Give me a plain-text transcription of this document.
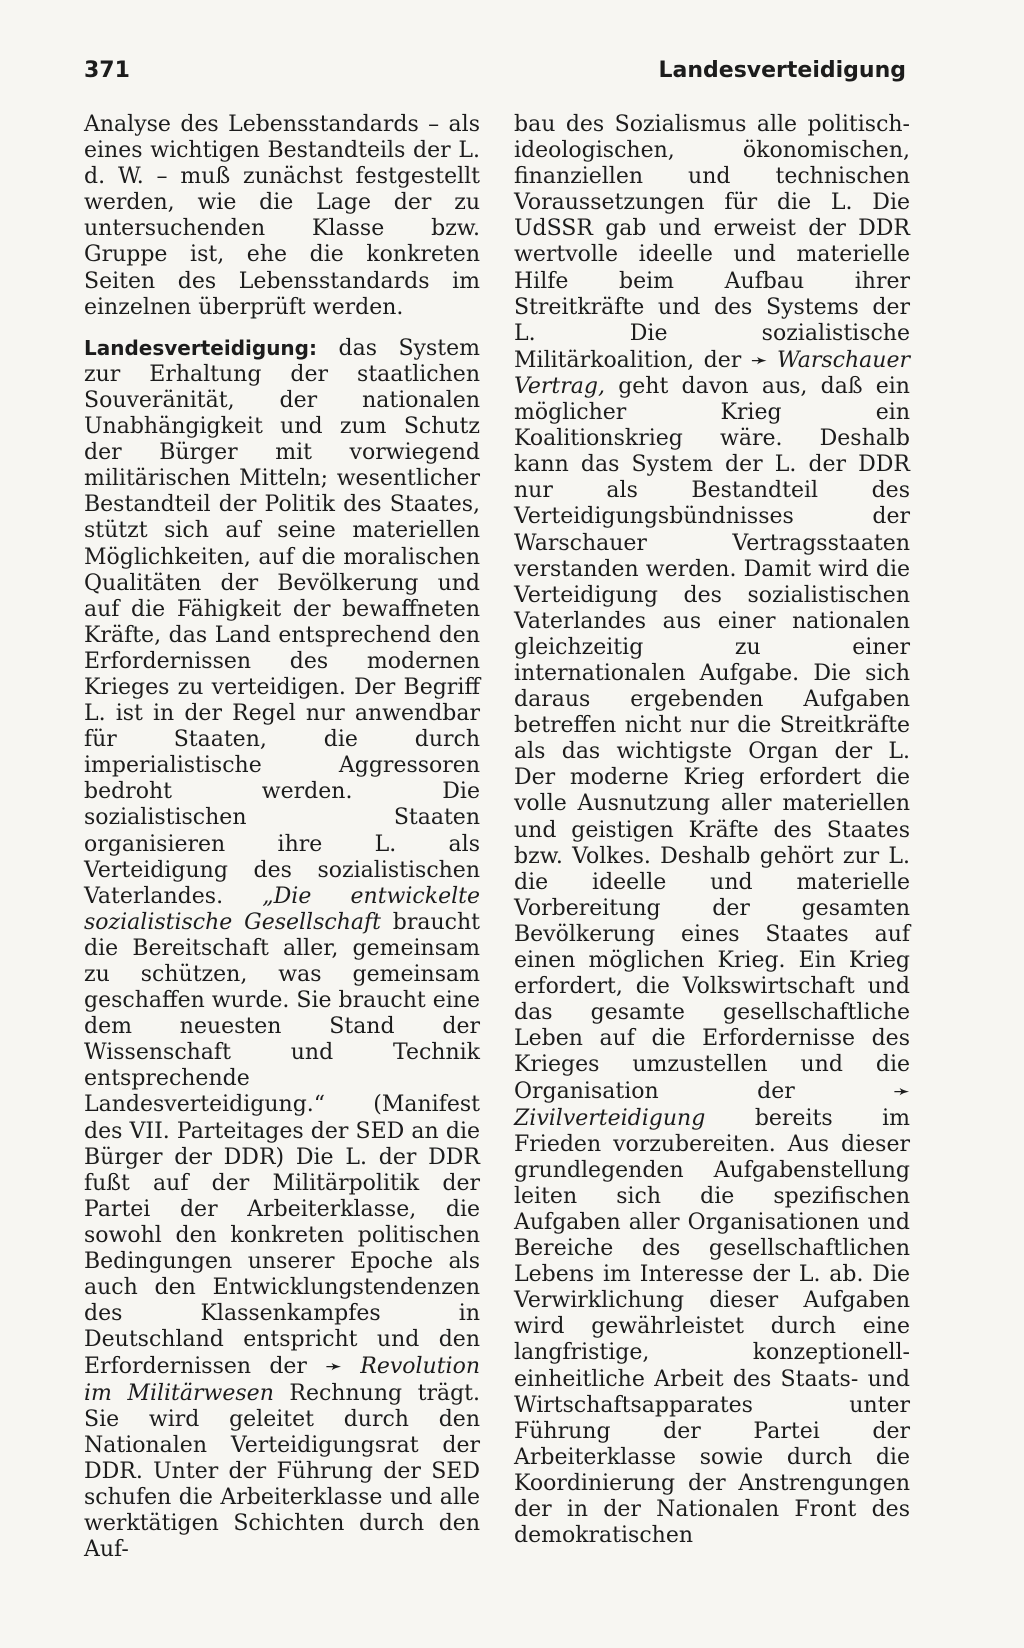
371	Landesverteidigung

Analyse des Lebensstandards – als eines wichtigen Bestandteils der L. d. W. – muß zunächst festgestellt werden, wie die Lage der zu untersuchenden Klasse bzw. Gruppe ist, ehe die konkreten Seiten des Lebensstandards im einzelnen überprüft werden.

Landesverteidigung: das System zur Erhaltung der staatlichen Souveränität, der nationalen Unabhängigkeit und zum Schutz der Bürger mit vorwiegend militärischen Mitteln; wesentlicher Bestandteil der Politik des Staates, stützt sich auf seine materiellen Möglichkeiten, auf die moralischen Qualitäten der Bevölkerung und auf die Fähigkeit der bewaffneten Kräfte, das Land entsprechend den Erfordernissen des modernen Krieges zu verteidigen. Der Begriff L. ist in der Regel nur anwendbar für Staaten, die durch imperialistische Aggressoren bedroht werden. Die sozialistischen Staaten organisieren ihre L. als Verteidigung des sozialistischen Vaterlandes. „Die entwickelte sozialistische Gesellschaft braucht die Bereitschaft aller, gemeinsam zu schützen, was gemeinsam geschaffen wurde. Sie braucht eine dem neuesten Stand der Wissenschaft und Technik entsprechende Landesverteidigung.“ (Manifest des VII. Parteitages der SED an die Bürger der DDR) Die L. der DDR fußt auf der Militärpolitik der Partei der Arbeiterklasse, die sowohl den konkreten politischen Bedingungen unserer Epoche als auch den Entwicklungstendenzen des Klassenkampfes in Deutschland entspricht und den Erfordernissen der ➛ Revolution im Militärwesen Rechnung trägt. Sie wird geleitet durch den Nationalen Verteidigungsrat der DDR. Unter der Führung der SED schufen die Arbeiterklasse und alle werktätigen Schichten durch den Auf-

bau des Sozialismus alle politisch-ideologischen, ökonomischen, finanziellen und technischen Voraussetzungen für die L. Die UdSSR gab und erweist der DDR wertvolle ideelle und materielle Hilfe beim Aufbau ihrer Streitkräfte und des Systems der L. Die sozialistische Militärkoalition, der ➛ Warschauer Vertrag, geht davon aus, daß ein möglicher Krieg ein Koalitionskrieg wäre. Deshalb kann das System der L. der DDR nur als Bestandteil des Verteidigungsbündnisses der Warschauer Vertragsstaaten verstanden werden. Damit wird die Verteidigung des sozialistischen Vaterlandes aus einer nationalen gleichzeitig zu einer internationalen Aufgabe. Die sich daraus ergebenden Aufgaben betreffen nicht nur die Streitkräfte als das wichtigste Organ der L. Der moderne Krieg erfordert die volle Ausnutzung aller materiellen und geistigen Kräfte des Staates bzw. Volkes. Deshalb gehört zur L. die ideelle und materielle Vorbereitung der gesamten Bevölkerung eines Staates auf einen möglichen Krieg. Ein Krieg erfordert, die Volkswirtschaft und das gesamte gesellschaftliche Leben auf die Erfordernisse des Krieges umzustellen und die Organisation der	➛ Zivilverteidigung bereits im Frieden vorzubereiten. Aus dieser grundlegenden Aufgabenstellung leiten sich die spezifischen Aufgaben aller Organisationen und Bereiche des gesellschaftlichen Lebens im Interesse der L. ab. Die Verwirklichung dieser Aufgaben wird gewährleistet durch eine langfristige, konzeptionell-einheitliche Arbeit des Staats- und Wirtschaftsapparates unter Führung der Partei der Arbeiterklasse sowie durch die Koordinierung der Anstrengungen der in der Nationalen Front des demokratischen
